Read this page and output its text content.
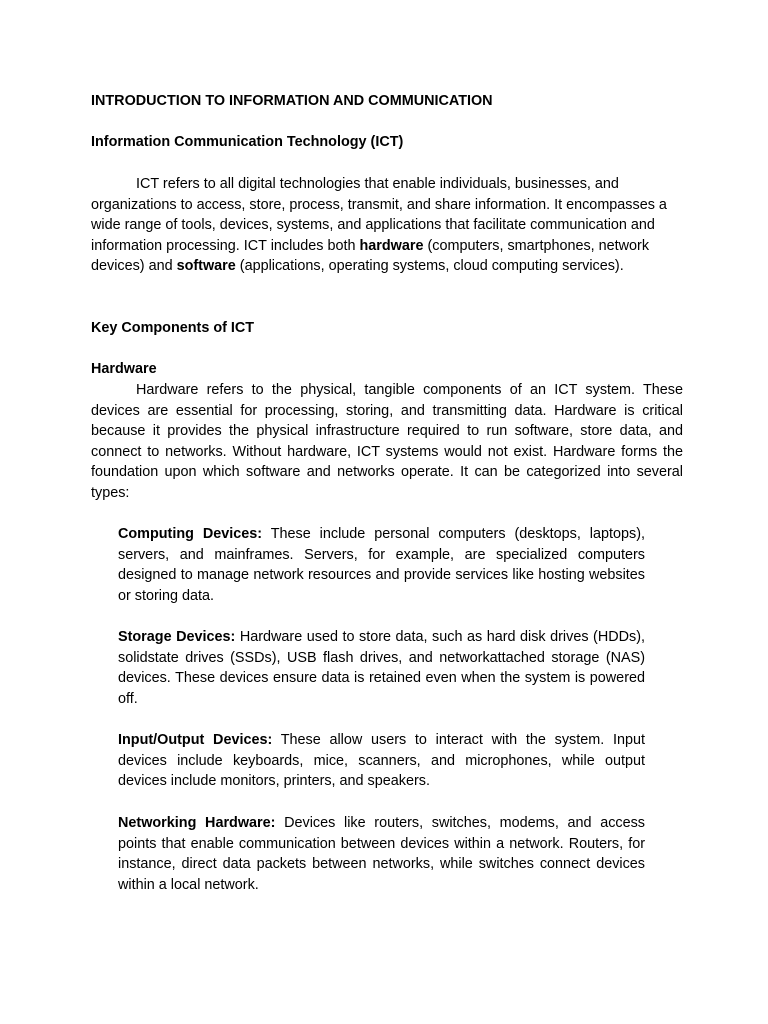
INTRODUCTION TO INFORMATION AND COMMUNICATION

Information Communication Technology (ICT)

ICT refers to all digital technologies that enable individuals, businesses, and organizations to access, store, process, transmit, and share information. It encompasses a wide range of tools, devices, systems, and applications that facilitate communication and information processing. ICT includes both hardware (computers, smartphones, network devices) and software (applications, operating systems, cloud computing services).

Key Components of ICT

Hardware

Hardware refers to the physical, tangible components of an ICT system. These devices are essential for processing, storing, and transmitting data. Hardware is critical because it provides the physical infrastructure required to run software, store data, and connect to networks. Without hardware, ICT systems would not exist. Hardware forms the foundation upon which software and networks operate. It can be categorized into several types:

Computing Devices: These include personal computers (desktops, laptops), servers, and mainframes. Servers, for example, are specialized computers designed to manage network resources and provide services like hosting websites or storing data.

Storage Devices: Hardware used to store data, such as hard disk drives (HDDs), solidstate drives (SSDs), USB flash drives, and networkattached storage (NAS) devices. These devices ensure data is retained even when the system is powered off.

Input/Output Devices: These allow users to interact with the system. Input devices include keyboards, mice, scanners, and microphones, while output devices include monitors, printers, and speakers.

Networking Hardware: Devices like routers, switches, modems, and access points that enable communication between devices within a network. Routers, for instance, direct data packets between networks, while switches connect devices within a local network.
